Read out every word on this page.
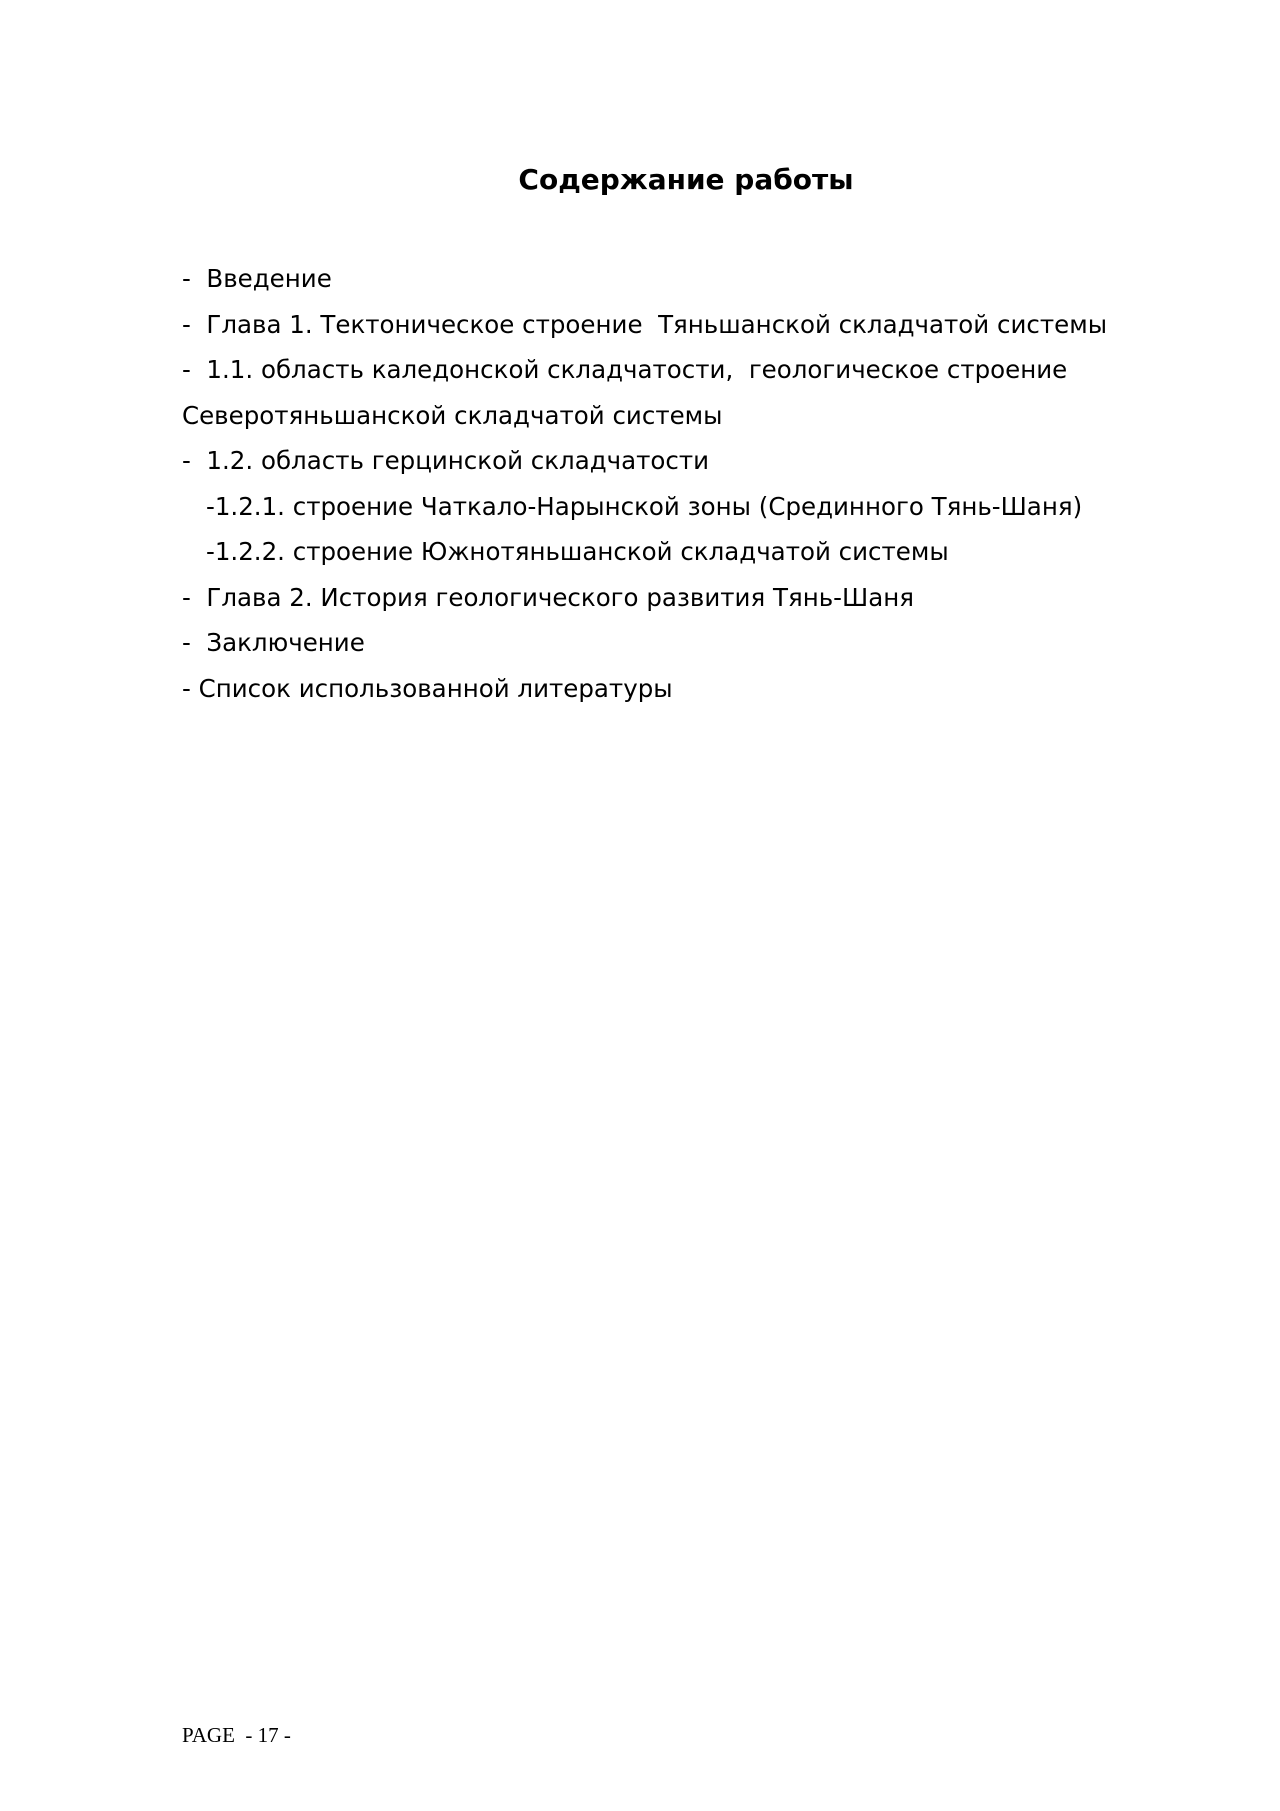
Содержание работы
-  Введение
-  Глава 1. Тектоническое строение  Тяньшанской складчатой системы
-  1.1. область каледонской складчатости,  геологическое строение
Северотяньшанской складчатой системы
-  1.2. область герцинской складчатости
-1.2.1. строение Чаткало-Нарынской зоны (Срединного Тянь-Шаня)
-1.2.2. строение Южнотяньшанской складчатой системы
-  Глава 2. История геологического развития Тянь-Шаня
-  Заключение
- Список использованной литературы
PAGE  - 17 -
